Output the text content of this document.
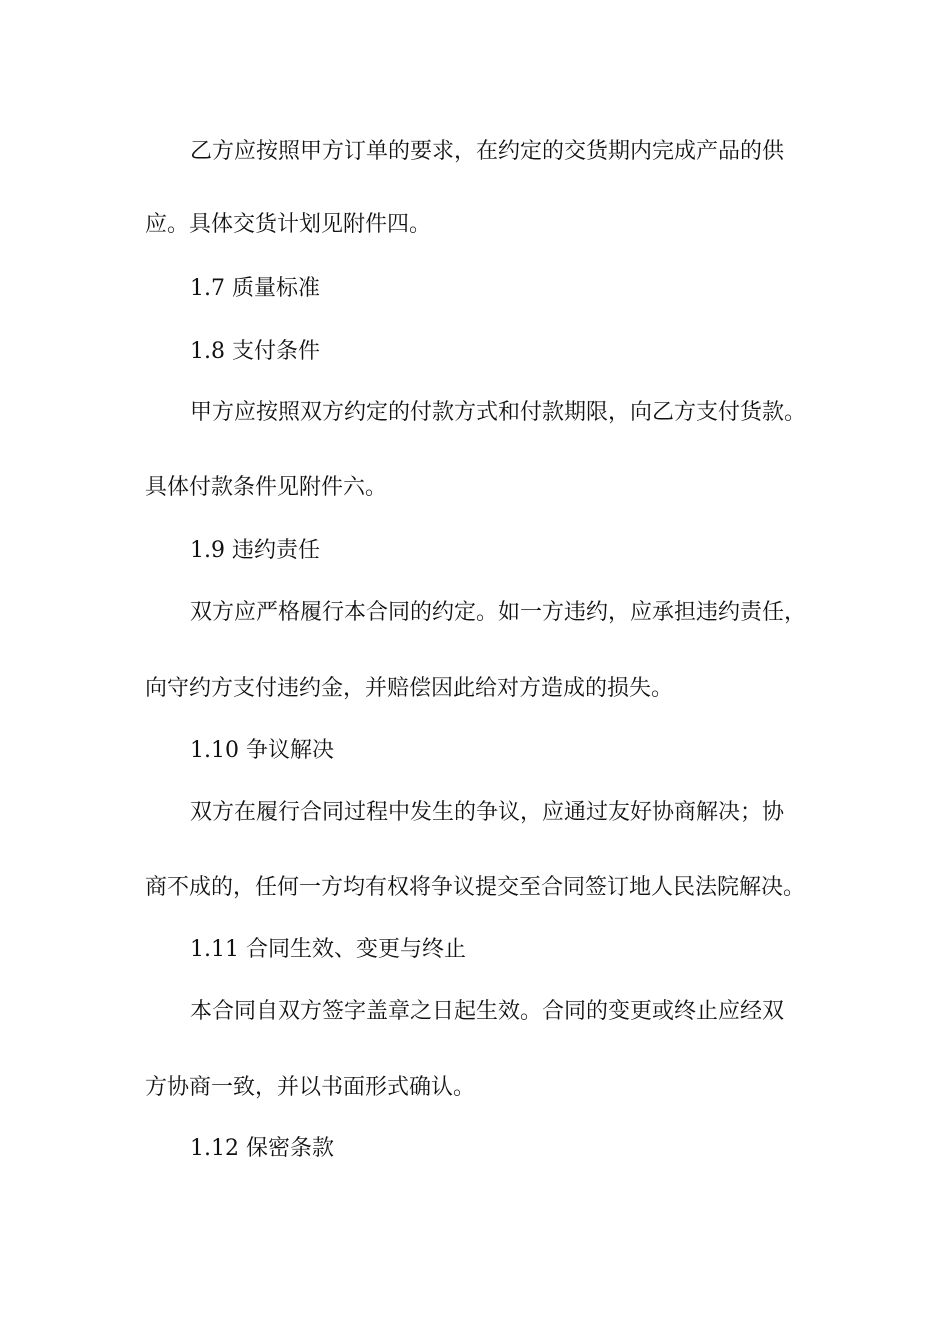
乙方应按照甲方订单的要求，在约定的交货期内完成产品的供
应。具体交货计划见附件四。
1.7 质量标准
1.8 支付条件
甲方应按照双方约定的付款方式和付款期限，向乙方支付货款。
具体付款条件见附件六。
1.9 违约责任
双方应严格履行本合同的约定。如一方违约，应承担违约责任，
向守约方支付违约金，并赔偿因此给对方造成的损失。
1.10 争议解决
双方在履行合同过程中发生的争议，应通过友好协商解决；协
商不成的，任何一方均有权将争议提交至合同签订地人民法院解决。
1.11 合同生效、变更与终止
本合同自双方签字盖章之日起生效。合同的变更或终止应经双
方协商一致，并以书面形式确认。
1.12 保密条款
